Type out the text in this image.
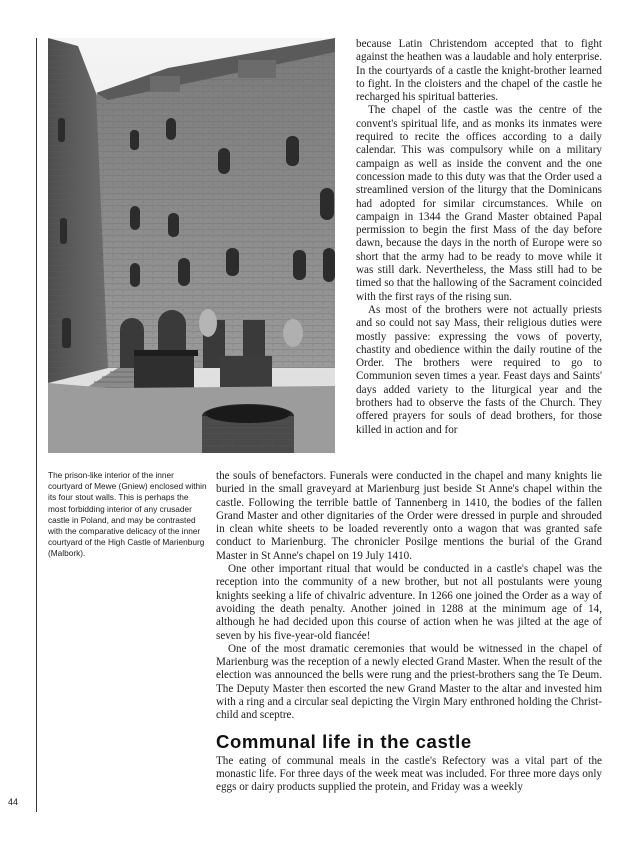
The prison-like interior of the inner courtyard of Mewe (Gniew) enclosed within its four stout walls. This is perhaps the most forbidding interior of any crusader castle in Poland, and may be contrasted with the comparative delicacy of the inner courtyard of the High Castle of Marienburg (Malbork).

because Latin Christendom accepted that to fight against the heathen was a laudable and holy enterprise. In the courtyards of a castle the knight-brother learned to fight. In the cloisters and the chapel of the castle he recharged his spiritual batteries.

The chapel of the castle was the centre of the convent's spiritual life, and as monks its inmates were required to recite the offices according to a daily calendar. This was compulsory while on a military campaign as well as inside the convent and the one concession made to this duty was that the Order used a streamlined version of the liturgy that the Dominicans had adopted for similar circumstances. While on campaign in 1344 the Grand Master obtained Papal permission to begin the first Mass of the day before dawn, because the days in the north of Europe were so short that the army had to be ready to move while it was still dark. Nevertheless, the Mass still had to be timed so that the hallowing of the Sacrament coincided with the first rays of the rising sun.

As most of the brothers were not actually priests and so could not say Mass, their religious duties were mostly passive: expressing the vows of poverty, chastity and obedience within the daily routine of the Order. The brothers were required to go to Communion seven times a year. Feast days and Saints' days added variety to the liturgical year and the brothers had to observe the fasts of the Church. They offered prayers for souls of dead brothers, for those killed in action and for

the souls of benefactors. Funerals were conducted in the chapel and many knights lie buried in the small graveyard at Marienburg just beside St Anne's chapel within the castle. Following the terrible battle of Tannenberg in 1410, the bodies of the fallen Grand Master and other dignitaries of the Order were dressed in purple and shrouded in clean white sheets to be loaded reverently onto a wagon that was granted safe conduct to Marienburg. The chronicler Posilge mentions the burial of the Grand Master in St Anne's chapel on 19 July 1410.

One other important ritual that would be conducted in a castle's chapel was the reception into the community of a new brother, but not all postulants were young knights seeking a life of chivalric adventure. In 1266 one joined the Order as a way of avoiding the death penalty. Another joined in 1288 at the minimum age of 14, although he had decided upon this course of action when he was jilted at the age of seven by his five-year-old fiancée!

One of the most dramatic ceremonies that would be witnessed in the chapel of Marienburg was the reception of a newly elected Grand Master. When the result of the election was announced the bells were rung and the priest-brothers sang the Te Deum. The Deputy Master then escorted the new Grand Master to the altar and invested him with a ring and a circular seal depicting the Virgin Mary enthroned holding the Christ-child and sceptre.

Communal life in the castle

The eating of communal meals in the castle's Refectory was a vital part of the monastic life. For three days of the week meat was included. For three more days only eggs or dairy products supplied the protein, and Friday was a weekly

44
